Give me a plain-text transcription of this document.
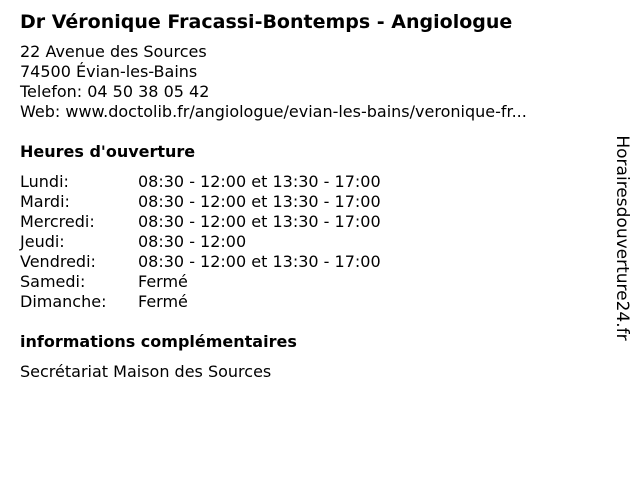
Dr Véronique Fracassi-Bontemps - Angiologue
22 Avenue des Sources
74500 Évian-les-Bains
Telefon: 04 50 38 05 42
Web: www.doctolib.fr/angiologue/evian-les-bains/veronique-fr...
Heures d'ouverture
Lundi:	08:30 - 12:00 et 13:30 - 17:00
Mardi:	08:30 - 12:00 et 13:30 - 17:00
Mercredi:	08:30 - 12:00 et 13:30 - 17:00
Jeudi:	08:30 - 12:00
Vendredi:	08:30 - 12:00 et 13:30 - 17:00
Samedi:	Fermé
Dimanche:	Fermé
informations complémentaires
Secrétariat Maison des Sources
Horairesdouverture24.fr
